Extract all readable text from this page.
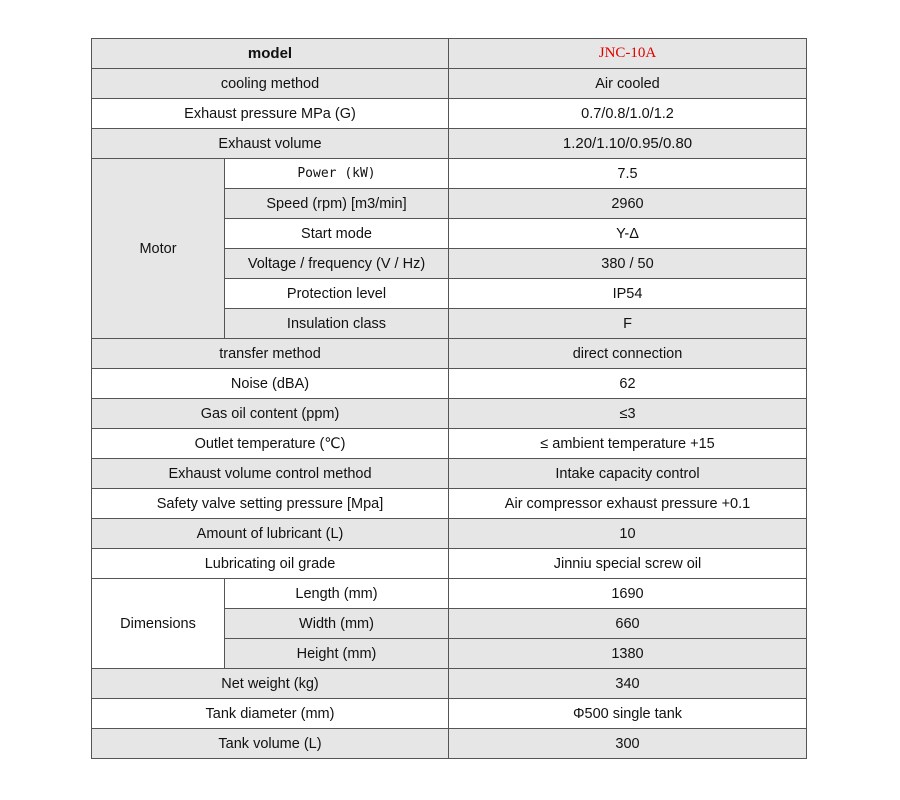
model		JNC-10A
cooling method		Air cooled
Exhaust pressure MPa (G)		0.7/0.8/1.0/1.2
Exhaust volume		1.20/1.10/0.95/0.80
Motor	Power (kW)	7.5
	Speed (rpm) [m3/min]	2960
	Start mode	Y-Δ
	Voltage / frequency (V / Hz)	380 / 50
	Protection level	IP54
	Insulation class	F
transfer method		direct connection
Noise (dBA)		62
Gas oil content (ppm)		≤3
Outlet temperature (℃)		≤ ambient temperature +15
Exhaust volume control method		Intake capacity control
Safety valve setting pressure [Mpa]		Air compressor exhaust pressure +0.1
Amount of lubricant (L)		10
Lubricating oil grade		Jinniu special screw oil
Dimensions	Length (mm)	1690
	Width (mm)	660
	Height (mm)	1380
Net weight (kg)		340
Tank diameter (mm)		Φ500 single tank
Tank volume (L)		300
